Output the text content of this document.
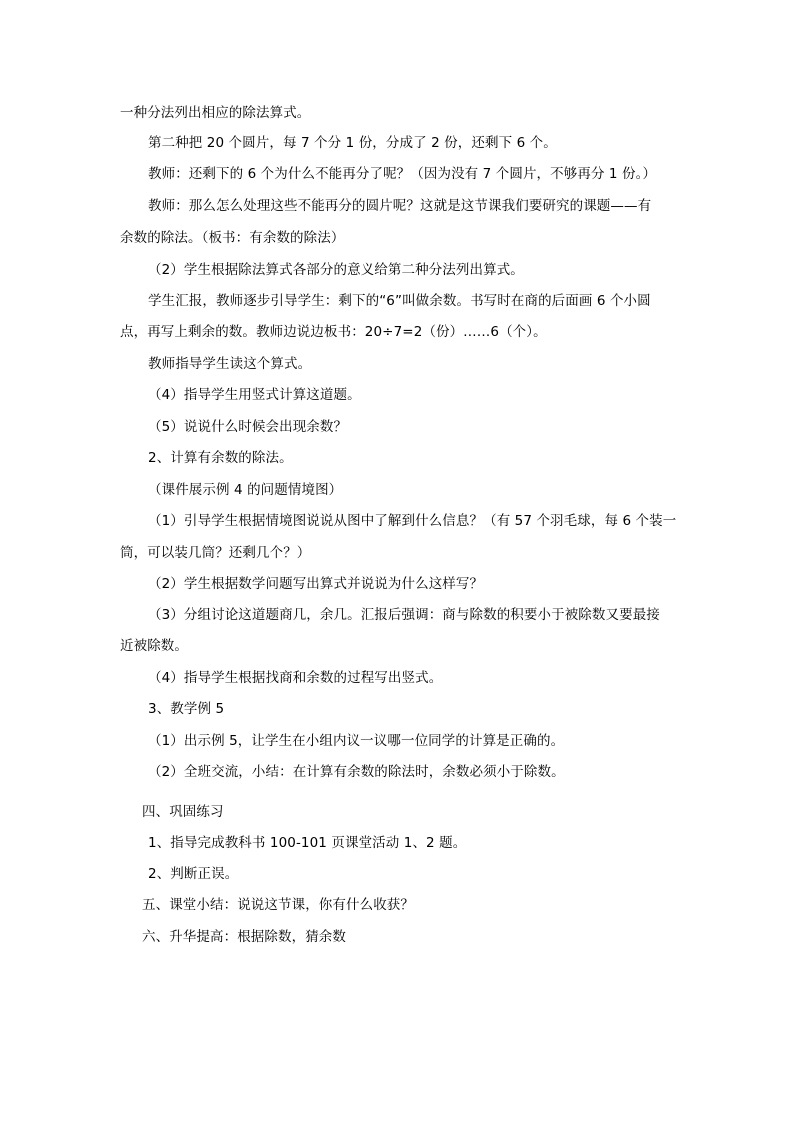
一种分法列出相应的除法算式。
第二种把 20 个圆片，每 7 个分 1 份，分成了 2 份，还剩下 6 个。
教师：还剩下的 6 个为什么不能再分了呢？（因为没有 7 个圆片，不够再分 1 份。）
教师：那么怎么处理这些不能再分的圆片呢？这就是这节课我们要研究的课题——有
余数的除法。（板书：有余数的除法）
（2）学生根据除法算式各部分的意义给第二种分法列出算式。
学生汇报，教师逐步引导学生：剩下的“6”叫做余数。书写时在商的后面画 6 个小圆
点，再写上剩余的数。教师边说边板书：20÷7=2（份）……6（个）。
教师指导学生读这个算式。
（4）指导学生用竖式计算这道题。
（5）说说什么时候会出现余数？
2、计算有余数的除法。
（课件展示例 4 的问题情境图）
（1）引导学生根据情境图说说从图中了解到什么信息？（有 57 个羽毛球，每 6 个装一
筒，可以装几筒？还剩几个？）
（2）学生根据数学问题写出算式并说说为什么这样写？
（3）分组讨论这道题商几，余几。汇报后强调：商与除数的积要小于被除数又要最接
近被除数。
（4）指导学生根据找商和余数的过程写出竖式。
3、教学例 5
（1）出示例 5，让学生在小组内议一议哪一位同学的计算是正确的。
（2）全班交流，小结：在计算有余数的除法时，余数必须小于除数。
四、巩固练习
1、指导完成教科书 100-101 页课堂活动 1、2 题。
2、判断正误。
五、课堂小结：说说这节课，你有什么收获？
六、升华提高：根据除数，猜余数
